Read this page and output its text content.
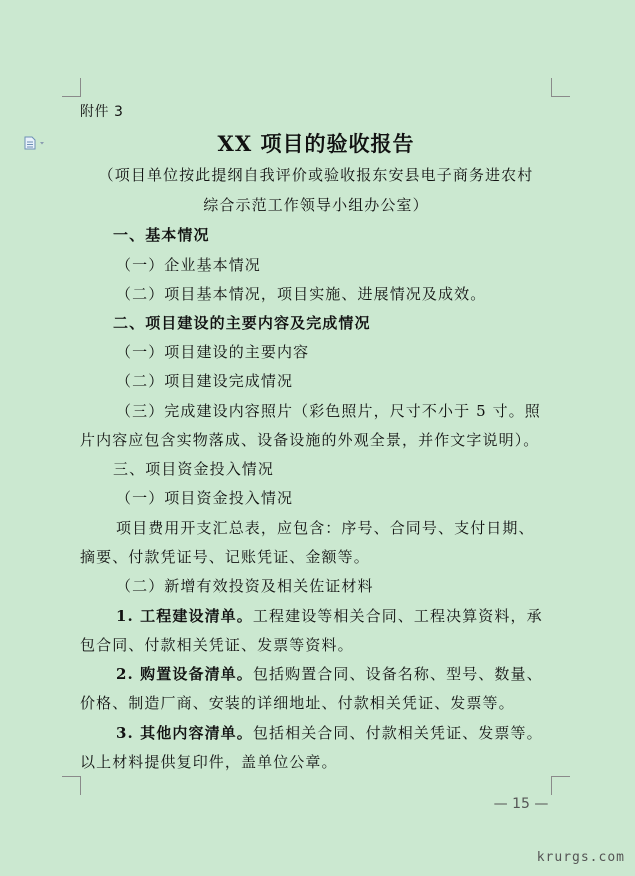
附件 3
XX 项目的验收报告
（项目单位按此提纲自我评价或验收报东安县电子商务进农村
综合示范工作领导小组办公室）
一、基本情况
（一）企业基本情况
（二）项目基本情况，项目实施、进展情况及成效。
二、项目建设的主要内容及完成情况
（一）项目建设的主要内容
（二）项目建设完成情况
（三）完成建设内容照片（彩色照片，尺寸不小于 5 寸。照
片内容应包含实物落成、设备设施的外观全景，并作文字说明）。
三、项目资金投入情况
（一）项目资金投入情况
项目费用开支汇总表，应包含：序号、合同号、支付日期、
摘要、付款凭证号、记账凭证、金额等。
（二）新增有效投资及相关佐证材料
1. 工程建设清单。工程建设等相关合同、工程决算资料，承
包合同、付款相关凭证、发票等资料。
2. 购置设备清单。包括购置合同、设备名称、型号、数量、
价格、制造厂商、安装的详细地址、付款相关凭证、发票等。
3. 其他内容清单。包括相关合同、付款相关凭证、发票等。
以上材料提供复印件，盖单位公章。
— 15 —
krurgs.com
